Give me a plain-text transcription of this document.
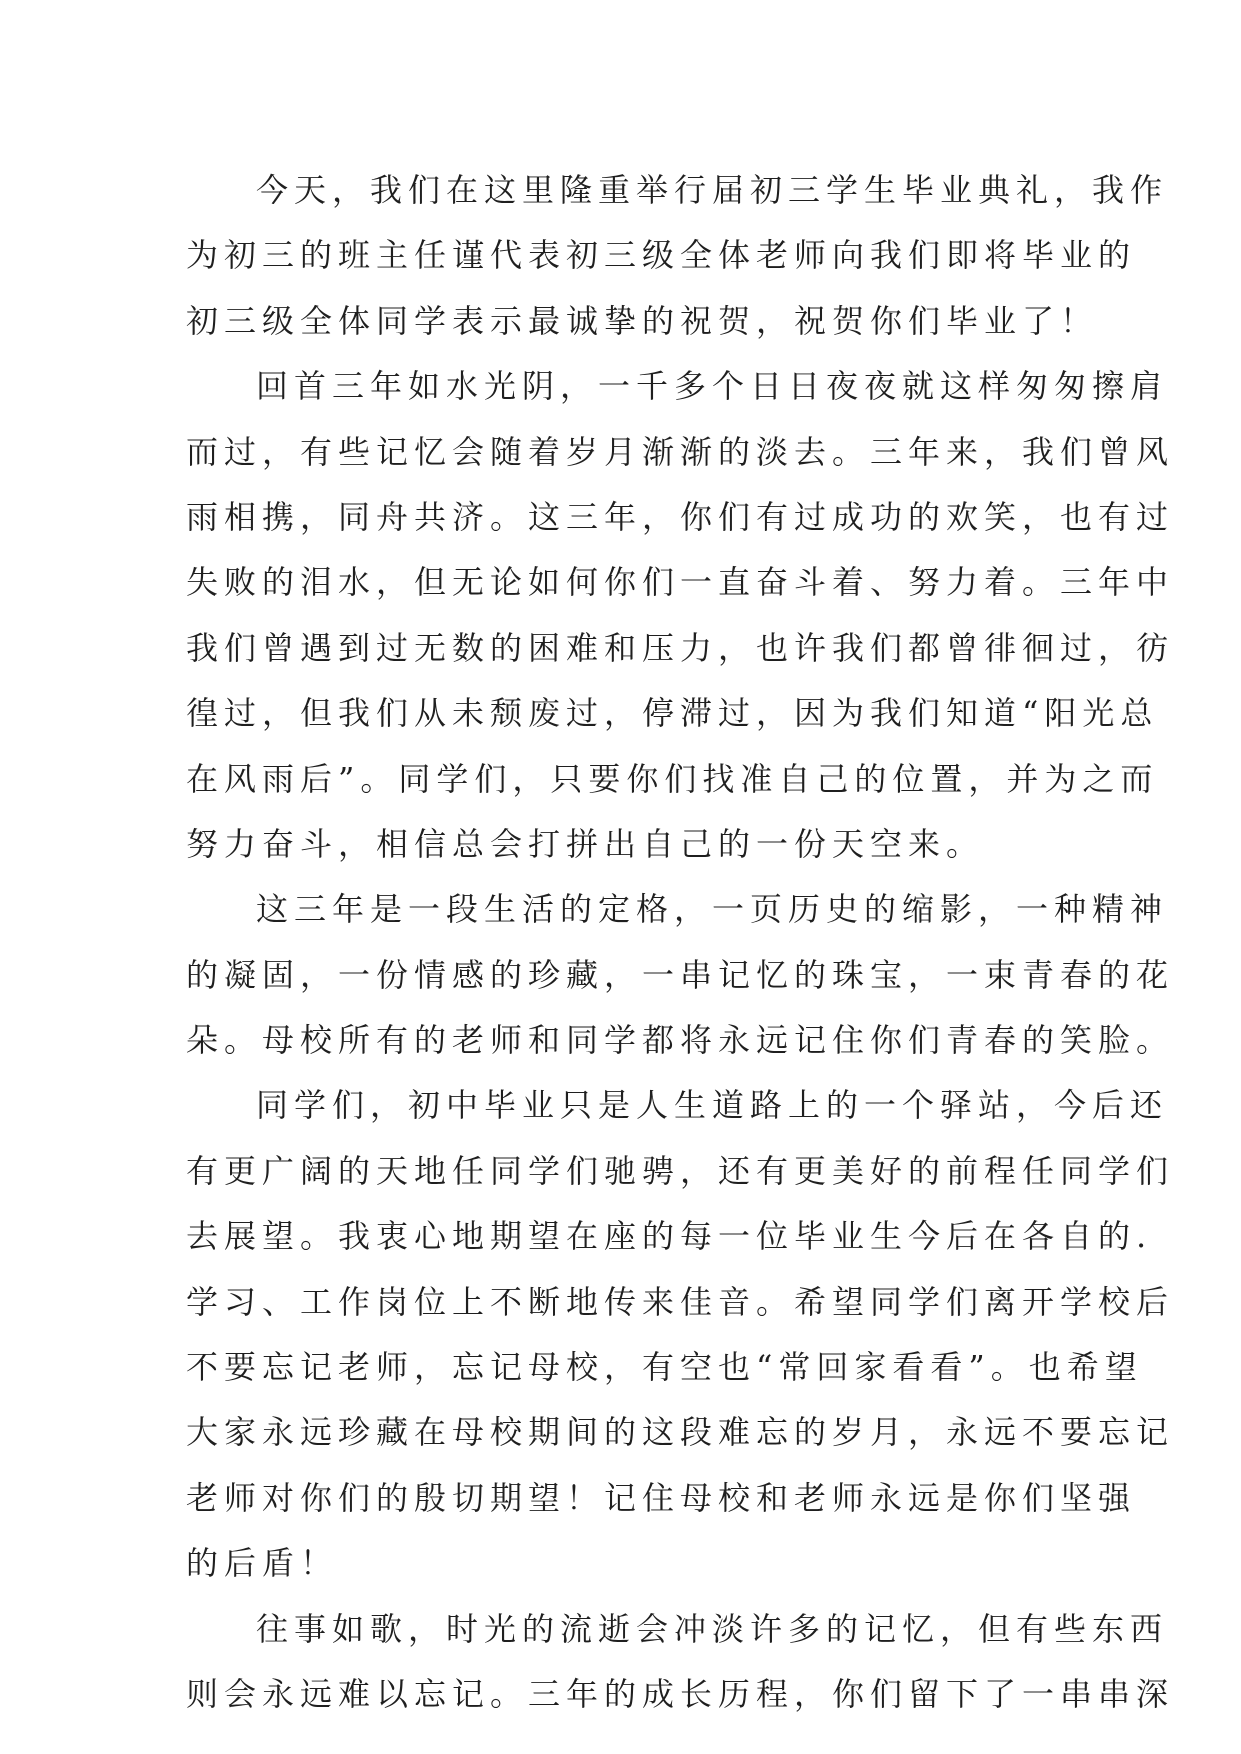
今天，我们在这里隆重举行届初三学生毕业典礼，我作
为初三的班主任谨代表初三级全体老师向我们即将毕业的
初三级全体同学表示最诚挚的祝贺，祝贺你们毕业了！
回首三年如水光阴，一千多个日日夜夜就这样匆匆擦肩
而过，有些记忆会随着岁月渐渐的淡去。三年来，我们曾风
雨相携，同舟共济。这三年，你们有过成功的欢笑，也有过
失败的泪水，但无论如何你们一直奋斗着、努力着。三年中
我们曾遇到过无数的困难和压力，也许我们都曾徘徊过，彷
徨过，但我们从未颓废过，停滞过，因为我们知道“阳光总
在风雨后”。同学们，只要你们找准自己的位置，并为之而
努力奋斗，相信总会打拼出自己的一份天空来。
这三年是一段生活的定格，一页历史的缩影，一种精神
的凝固，一份情感的珍藏，一串记忆的珠宝，一束青春的花
朵。母校所有的老师和同学都将永远记住你们青春的笑脸。
同学们，初中毕业只是人生道路上的一个驿站，今后还
有更广阔的天地任同学们驰骋，还有更美好的前程任同学们
去展望。我衷心地期望在座的每一位毕业生今后在各自的.
学习、工作岗位上不断地传来佳音。希望同学们离开学校后
不要忘记老师，忘记母校，有空也“常回家看看”。也希望
大家永远珍藏在母校期间的这段难忘的岁月，永远不要忘记
老师对你们的殷切期望！记住母校和老师永远是你们坚强
的后盾！
往事如歌，时光的流逝会冲淡许多的记忆，但有些东西
则会永远难以忘记。三年的成长历程，你们留下了一串串深
